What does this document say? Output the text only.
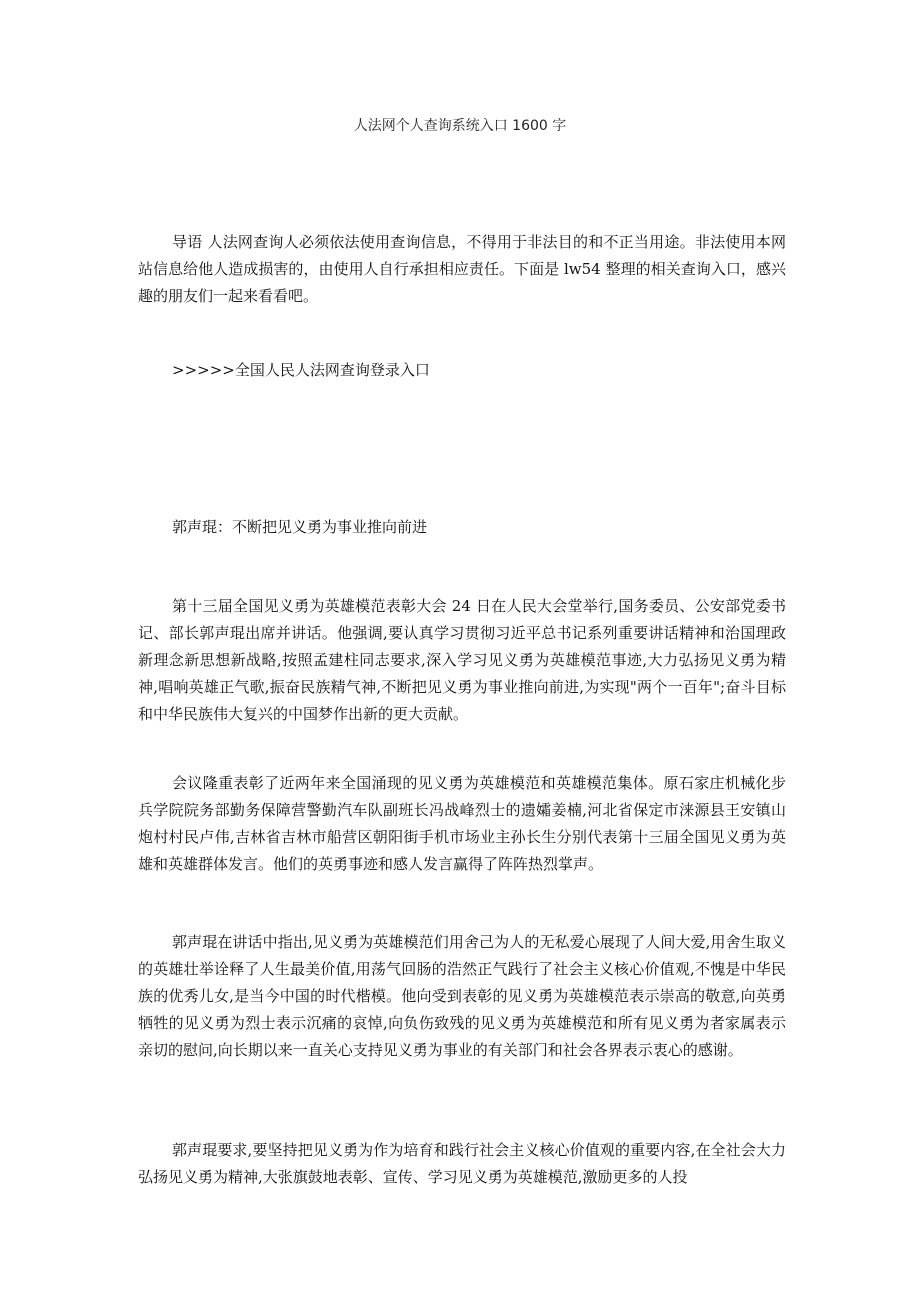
人法网个人查询系统入口 1600 字

导语 人法网查询人必须依法使用查询信息，不得用于非法目的和不正当用途。非法使用本网站信息给他人造成损害的，由使用人自行承担相应责任。下面是 lw54 整理的相关查询入口，感兴趣的朋友们一起来看看吧。

>>>>>全国人民人法网查询登录入口

郭声琨：不断把见义勇为事业推向前进

第十三届全国见义勇为英雄模范表彰大会 24 日在人民大会堂举行,国务委员、公安部党委书记、部长郭声琨出席并讲话。他强调,要认真学习贯彻习近平总书记系列重要讲话精神和治国理政新理念新思想新战略,按照孟建柱同志要求,深入学习见义勇为英雄模范事迹,大力弘扬见义勇为精神,唱响英雄正气歌,振奋民族精气神,不断把见义勇为事业推向前进,为实现"两个一百年";奋斗目标和中华民族伟大复兴的中国梦作出新的更大贡献。

会议隆重表彰了近两年来全国涌现的见义勇为英雄模范和英雄模范集体。原石家庄机械化步兵学院院务部勤务保障营警勤汽车队副班长冯战峰烈士的遗孀姜楠,河北省保定市涞源县王安镇山炮村村民卢伟,吉林省吉林市船营区朝阳街手机市场业主孙长生分别代表第十三届全国见义勇为英雄和英雄群体发言。他们的英勇事迹和感人发言赢得了阵阵热烈掌声。

郭声琨在讲话中指出,见义勇为英雄模范们用舍己为人的无私爱心展现了人间大爱,用舍生取义的英雄壮举诠释了人生最美价值,用荡气回肠的浩然正气践行了社会主义核心价值观,不愧是中华民族的优秀儿女,是当今中国的时代楷模。他向受到表彰的见义勇为英雄模范表示崇高的敬意,向英勇牺牲的见义勇为烈士表示沉痛的哀悼,向负伤致残的见义勇为英雄模范和所有见义勇为者家属表示亲切的慰问,向长期以来一直关心支持见义勇为事业的有关部门和社会各界表示衷心的感谢。

郭声琨要求,要坚持把见义勇为作为培育和践行社会主义核心价值观的重要内容,在全社会大力弘扬见义勇为精神,大张旗鼓地表彰、宣传、学习见义勇为英雄模范,激励更多的人投
